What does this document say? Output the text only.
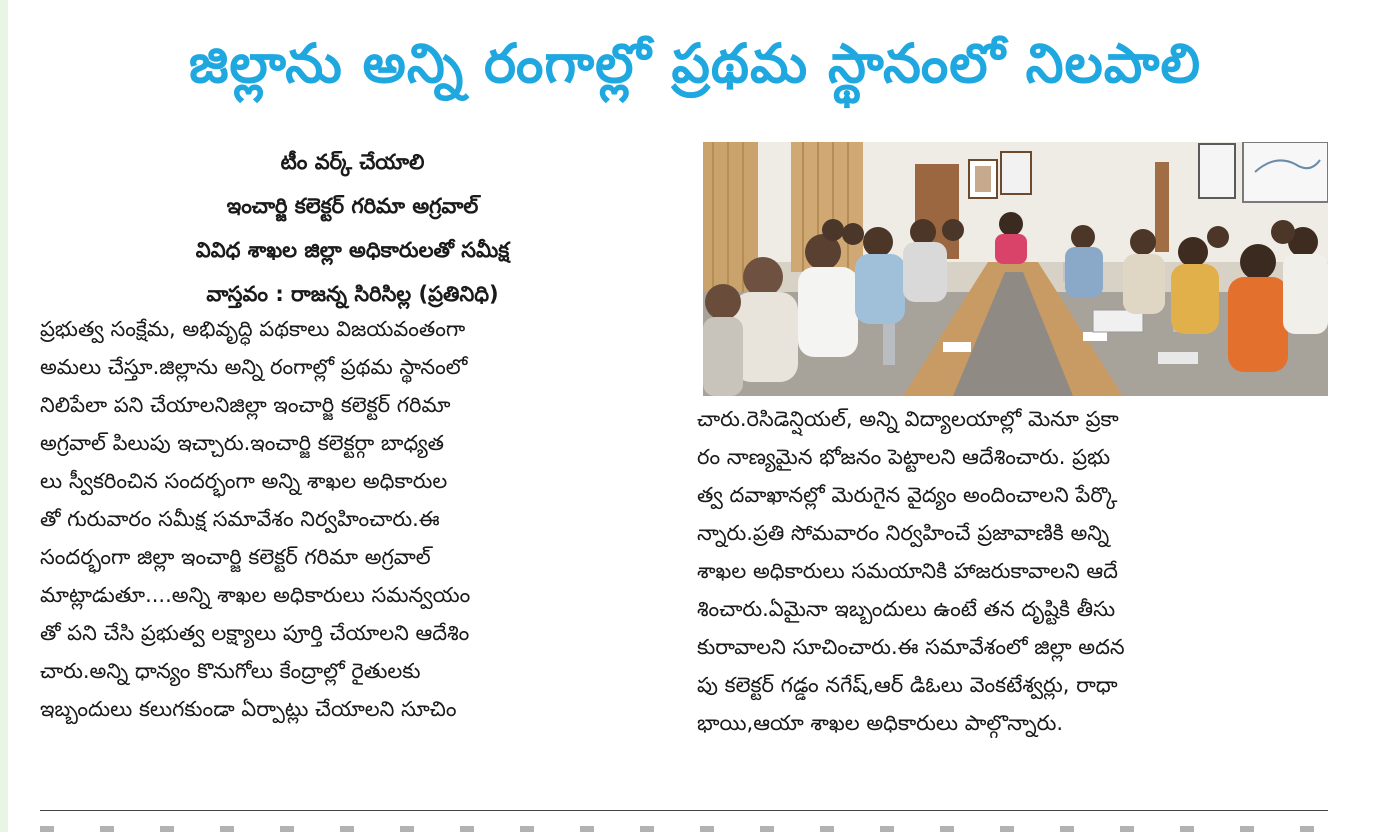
జిల్లాను అన్ని రంగాల్లో ప్రథమ స్థానంలో నిలపాలి
టీం వర్క్ చేయాలి
ఇంచార్జి కలెక్టర్ గరిమా అగ్రవాల్
వివిధ శాఖల జిల్లా అధికారులతో సమీక్ష
వాస్తవం : రాజన్న సిరిసిల్ల (ప్రతినిధి)
ప్రభుత్వ సంక్షేమ, అభివృద్ధి పథకాలు విజయవంతంగా
అమలు చేస్తూ.జిల్లాను అన్ని రంగాల్లో ప్రథమ స్థానంలో
నిలిపేలా పని చేయాలనిజిల్లా ఇంచార్జి కలెక్టర్ గరిమా
అగ్రవాల్ పిలుపు ఇచ్చారు.ఇంచార్జి కలెక్టర్గా బాధ్యత
లు స్వీకరించిన సందర్భంగా అన్ని శాఖల అధికారుల
తో గురువారం సమీక్ష సమావేశం నిర్వహించారు.ఈ
సందర్భంగా జిల్లా ఇంచార్జి కలెక్టర్ గరిమా అగ్రవాల్
మాట్లాడుతూ....అన్ని శాఖల అధికారులు సమన్వయం
తో పని చేసి ప్రభుత్వ లక్ష్యాలు పూర్తి చేయాలని ఆదేశిం
చారు.అన్ని ధాన్యం కొనుగోలు కేంద్రాల్లో రైతులకు
ఇబ్బందులు కలుగకుండా ఏర్పాట్లు చేయాలని సూచిం
చారు.రెసిడెన్షియల్, అన్ని విద్యాలయాల్లో మెనూ ప్రకా
రం నాణ్యమైన భోజనం పెట్టాలని ఆదేశించారు. ప్రభు
త్వ దవాఖానల్లో మెరుగైన వైద్యం అందించాలని పేర్కొ
న్నారు.ప్రతి సోమవారం నిర్వహించే ప్రజావాణికి అన్ని
శాఖల అధికారులు సమయానికి హాజరుకావాలని ఆదే
శించారు.ఏమైనా ఇబ్బందులు ఉంటే తన దృష్టికి తీసు
కురావాలని సూచించారు.ఈ సమావేశంలో జిల్లా అదన
పు కలెక్టర్ గడ్డం నగేష్,ఆర్ డిఓలు వెంకటేశ్వర్లు, రాధా
భాయి,ఆయా శాఖల అధికారులు పాల్గొన్నారు.
